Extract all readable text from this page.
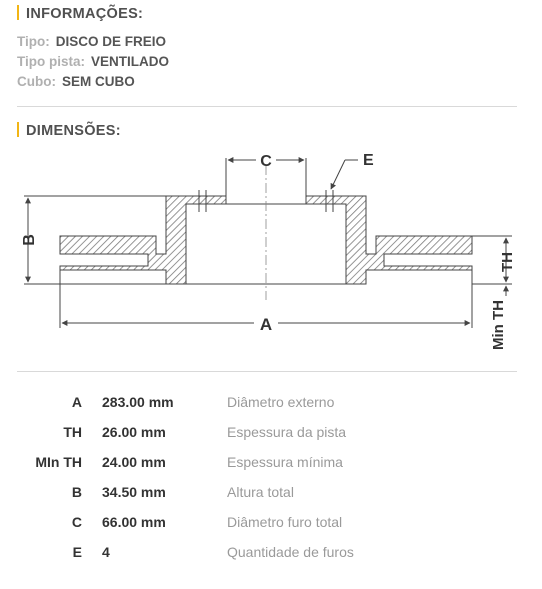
INFORMAÇÕES:
Tipo: DISCO DE FREIO
Tipo pista: VENTILADO
Cubo: SEM CUBO
DIMENSÕES:
C	E
B
TH
Min TH
A
A 283.00 mm	Diâmetro externo
TH 26.00 mm	Espessura da pista
MIn TH 24.00 mm	Espessura mínima
B 34.50 mm	Altura total
C 66.00 mm	Diâmetro furo total
E 4	Quantidade de furos
